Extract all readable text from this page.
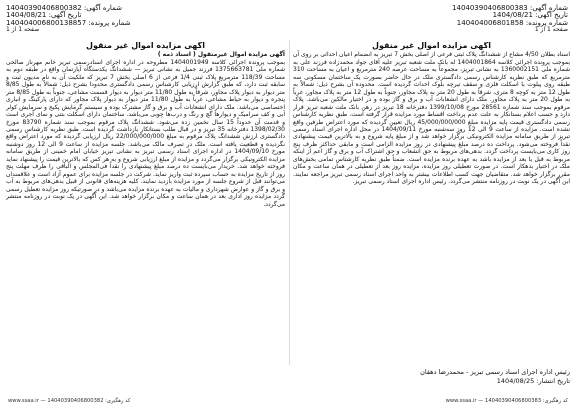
شماره آگهی: 14040390406800382
تاریخ آگهی: 1404/08/21
شماره پرونده: 140404006800138857
صفحه 1 از 1
شماره آگهی: 14040390406800383
تاریخ آگهی: 1404/08/21
شماره پرونده: 140404006801858
صفحه 1 از 1
آگهی مزایده اموال غیر منقول

آگهی مزایده اموال غیرمنقول ( اسناد ذمه )

بموجب پرونده اجرائی کلاسه 1404001949 مطروحه در اداره اجرای اسنادرسمی تبریز خانم مهرناز صالحی شماره ملی 1375663781 فرزند جمیل به نشانی تبریز — ششدانگ یکدستگاه آپارتمان واقع در طبقه دوم به مساحت 118/39 مترمربع پلاک ثبتی 1/4 فرعی از 6 اصلی بخش 7 تبریز که ملکیت آن به نام مدیون ثبت و سابقه ثبت دارد، که طبق گزارش ارزیابی کارشناس رسمی دادگستری محدودا بشرح ذیل: شمالاً به طول 8/85 متر دیوار به دیوار پلاک مجاور، شرقاً به طول 11/80 متر دیوار به دیوار قسمت مشاعی، جنوباً به طول 8/85 متر پنجره و دیوار به حیاط مشاعی، غرباً به طول 11/80 متر دیوار به دیوار پلاک مجاور که دارای پارکینگ و انباری اختصاصی می‌باشد. ملک دارای انشعابات آب و برق و گاز مشترک بوده و سیستم گرمایش پکیج و سرمایش کولر آبی و کف سرامیک و دیوارها گچ و رنگ و درب‌ها چوبی می‌باشد. ساختمان دارای اسکلت بتنی و نمای آجری است و قدمت آن حدوداً 15 سال تخمین زده می‌شود. ششدانگ پلاک مرقوم بموجب سند شماره 83790 مورخ 1398/02/30 دفترخانه 35 تبریز و در قبال طلب بستانکار بازداشت گردیده است. طبق نظریه کارشناس رسمی دادگستری ارزش ششدانگ پلاک مرقوم به مبلغ 22/000/000/000 ریال ارزیابی گردیده که مورد اعتراض واقع نگردیده و قطعیت یافته است. ملک در تصرف مالک می‌باشد. جلسه مزایده از ساعت 9 الی 12 روز دوشنبه مورخ 1404/09/10 در اداره اجرای اسناد رسمی تبریز به نشانی تبریز خیابان امام خمینی از طریق سامانه مزایده الکترونیکی برگزار می‌گردد و مزایده از مبلغ ارزیابی شروع و به هر کس که بالاترین قیمت را پیشنهاد نماید فروخته خواهد شد. خریدار می‌بایست ده درصد مبلغ پیشنهادی را نقداً فی‌المجلس و الباقی را ظرف مهلت پنج روز از تاریخ مزایده به حساب سپرده ثبت واریز نماید. شرکت در جلسه مزایده برای عموم آزاد است و علاقمندان می‌توانند قبل از شروع جلسه از مورد مزایده بازدید نمایند. کلیه هزینه‌های قانونی از قبیل بدهی‌های مربوط به آب و برق و گاز و عوارض شهرداری و مالیات به عهده برنده مزایده می‌باشد و در صورتیکه روز مزایده تعطیل رسمی گردد مزایده روز اداری بعد در همان ساعت و مکان برگزار خواهد شد. این آگهی در یک نوبت در روزنامه منتشر می‌گردد.

آگهی مزایده اموال غیر منقول

اسناد بطلان 4/50 مشاع از ششدانگ پلاک ثبتی فرعی از اصلی بخش 7 تبریز به انضمام اعیان احداثی بر روی آن بموجب پرونده اجرائی کلاسه 1404001864 له بانک ملت شعبه تبریز علیه آقای جواد محمدزاده فرزند علی به شماره ملی 1360002151 به نشانی تبریز، مجموعاً به مساحت عرصه 240 مترمربع و اعیان به مساحت 310 مترمربع که طبق نظریه کارشناس رسمی دادگستری ملک در حال حاضر بصورت یک ساختمان مسکونی سه طبقه روی پیلوت با اسکلت فلزی و سقف تیرچه بلوک احداث گردیده است. محدوده آن بشرح ذیل: شمالاً به طول 12 متر به کوچه 8 متری، شرقاً به طول 20 متر به پلاک مجاور، جنوباً به طول 12 متر به پلاک مجاور، غرباً به طول 20 متر به پلاک مجاور. ملک دارای انشعابات آب و برق و گاز بوده و در اختیار مالکین می‌باشد. پلاک مرقوم بموجب سند شماره 28561 مورخ 1399/10/08 دفترخانه 18 تبریز در رهن بانک ملت شعبه تبریز قرار دارد و حسب اعلام بستانکار به علت عدم پرداخت اقساط مورد مزایده قرار گرفته است. طبق نظریه کارشناس رسمی دادگستری قیمت پایه مزایده مبلغ 45/000/000/000 ریال تعیین گردیده که مورد اعتراض طرفین واقع نشده است. مزایده از ساعت 9 الی 12 روز سه‌شنبه مورخ 1404/09/11 در محل اداره اجرای اسناد رسمی تبریز از طریق سامانه مزایده الکترونیکی برگزار خواهد شد و از مبلغ پایه شروع و به بالاترین قیمت پیشنهادی نقداً فروخته می‌شود. پرداخت ده درصد مبلغ پیشنهادی در روز مزایده الزامی است و مابقی حداکثر ظرف پنج روز کاری می‌بایست پرداخت گردد. بدهی‌های مربوط به حق انشعاب و حق اشتراک آب و برق و گاز اعم از اینکه مربوط به قبل یا بعد از مزایده باشد به عهده برنده مزایده است. ضمناً طبق نظریه کارشناس تمامی بخش‌های ملک در اختیار بدهکار است. در صورت تعطیلی روز مزایده، مزایده روز بعد از تعطیلی در همان ساعت و مکان مقرر برگزار خواهد شد. متقاضیان جهت کسب اطلاعات بیشتر به واحد اجرای اسناد رسمی تبریز مراجعه نمایند. این آگهی در یک نوبت در روزنامه منتشر می‌گردد. رئیس اداره اجرای اسناد رسمی تبریز.

رئیس اداره اجرای اسناد رسمی تبریز - محمدرضا دهقان
تاریخ انتشار: 1404/08/25
کد رهگیری: 14040390406800382 — www.ssaa.ir	کد رهگیری: 14040390406800383 — www.ssaa.ir
